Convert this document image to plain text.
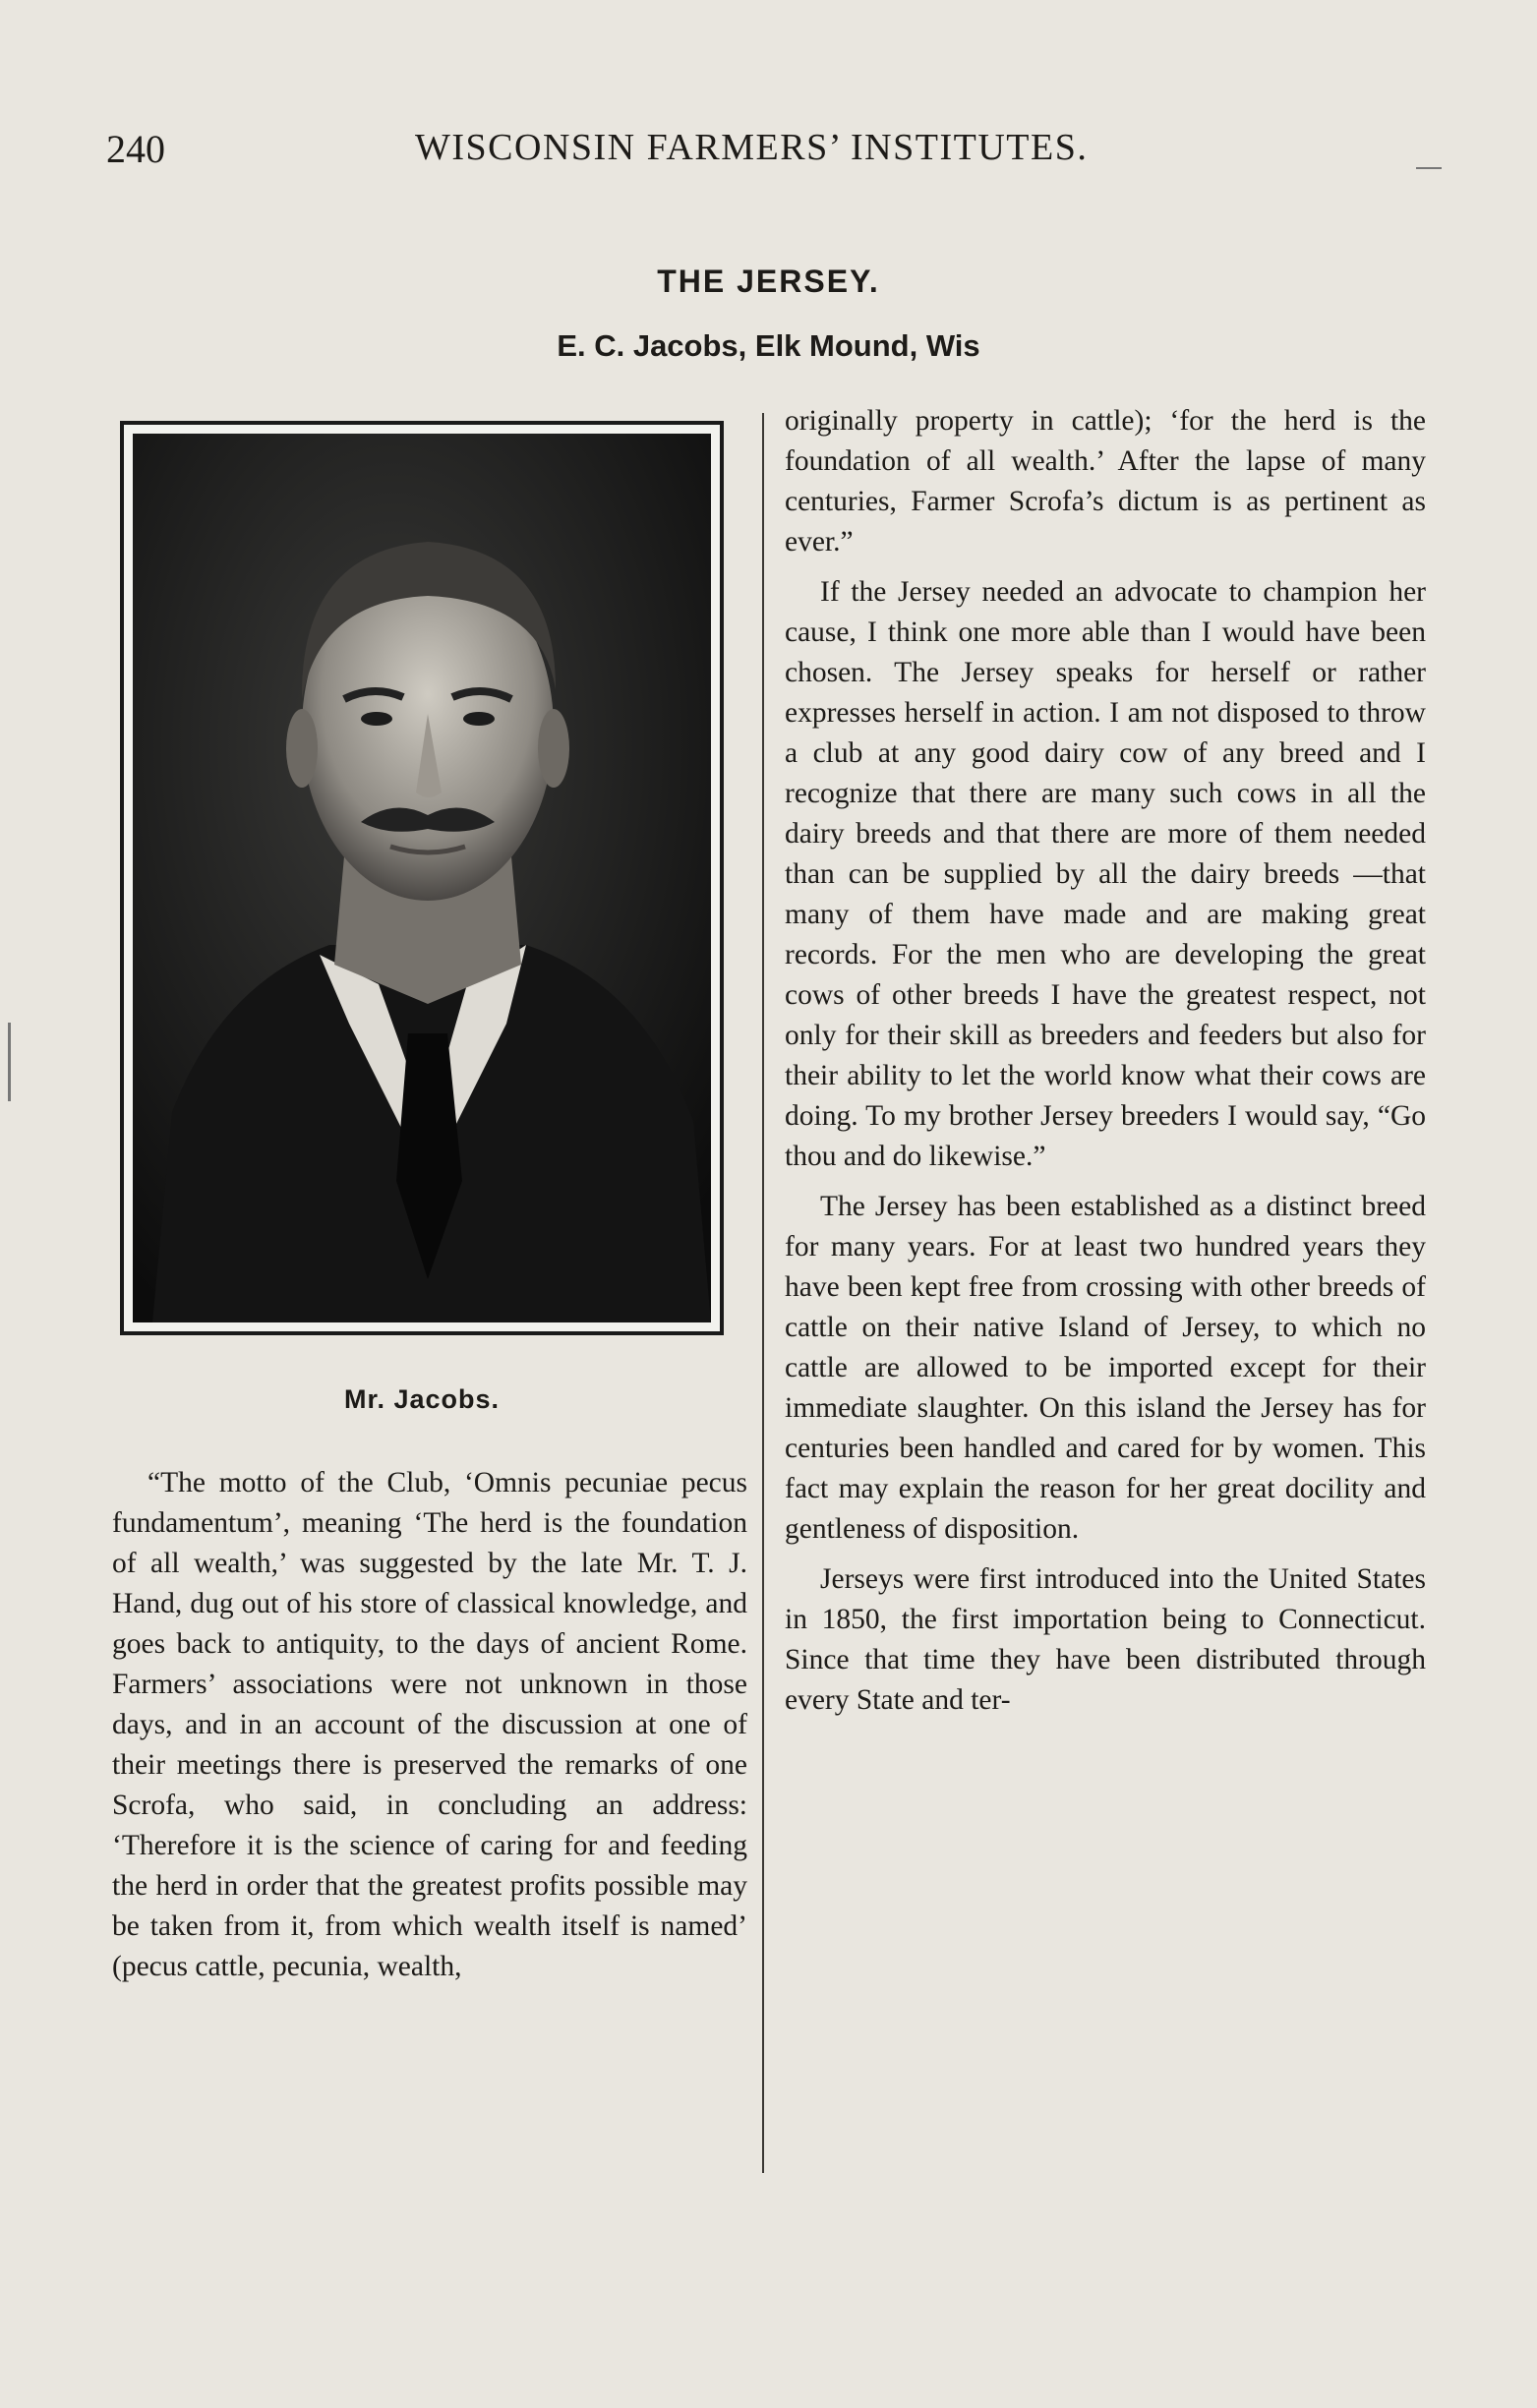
240	WISCONSIN FARMERS’ INSTITUTES.
THE JERSEY.
E. C. Jacobs, Elk Mound, Wis
Mr. Jacobs.

“The motto of the Club, ‘Omnis pecuniae pecus fundamentum’, meaning ‘The herd is the foundation of all wealth,’ was suggested by the late Mr. T. J. Hand, dug out of his store of classical knowledge, and goes back to antiquity, to the days of ancient Rome. Farmers’ associations were not unknown in those days, and in an account of the discussion at one of their meetings there is preserved the remarks of one Scrofa, who said, in concluding an address: ‘Therefore it is the science of caring for and feeding the herd in order that the greatest profits possible may be taken from it, from which wealth itself is named’ (pecus cattle, pecunia, wealth,

originally property in cattle); ‘for the herd is the foundation of all wealth.’ After the lapse of many centuries, Farmer Scrofa’s dictum is as pertinent as ever.”

If the Jersey needed an advocate to champion her cause, I think one more able than I would have been chosen. The Jersey speaks for herself or rather expresses herself in action. I am not disposed to throw a club at any good dairy cow of any breed and I recognize that there are many such cows in all the dairy breeds and that there are more of them needed than can be supplied by all the dairy breeds —that many of them have made and are making great records. For the men who are developing the great cows of other breeds I have the greatest respect, not only for their skill as breeders and feeders but also for their ability to let the world know what their cows are doing. To my brother Jersey breeders I would say, “Go thou and do likewise.”

The Jersey has been established as a distinct breed for many years. For at least two hundred years they have been kept free from crossing with other breeds of cattle on their native Island of Jersey, to which no cattle are allowed to be imported except for their immediate slaughter. On this island the Jersey has for centuries been handled and cared for by women. This fact may explain the reason for her great docility and gentleness of disposition.

Jerseys were first introduced into the United States in 1850, the first importation being to Connecticut. Since that time they have been distributed through every State and ter-
